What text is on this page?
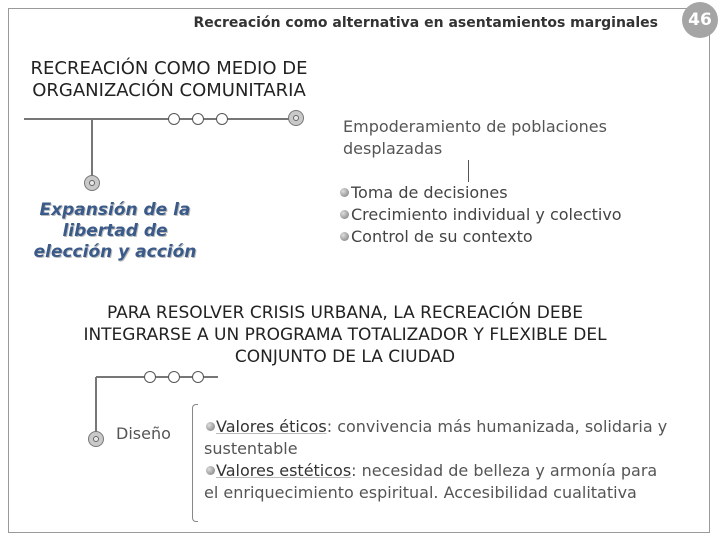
Recreación como alternativa en asentamientos marginales	46
RECREACIÓN COMO MEDIO DE
ORGANIZACIÓN COMUNITARIA
Expansión de la
libertad de
elección y acción
Empoderamiento de poblaciones desplazadas
Toma de decisiones
Crecimiento individual y colectivo
Control de su contexto
PARA RESOLVER CRISIS URBANA, LA RECREACIÓN DEBE
INTEGRARSE A UN PROGRAMA TOTALIZADOR Y FLEXIBLE DEL
CONJUNTO DE LA CIUDAD
Diseño	Valores éticos: convivencia más humanizada, solidaria y sustentable
Valores estéticos: necesidad de belleza y armonía para el enriquecimiento espiritual. Accesibilidad cualitativa
